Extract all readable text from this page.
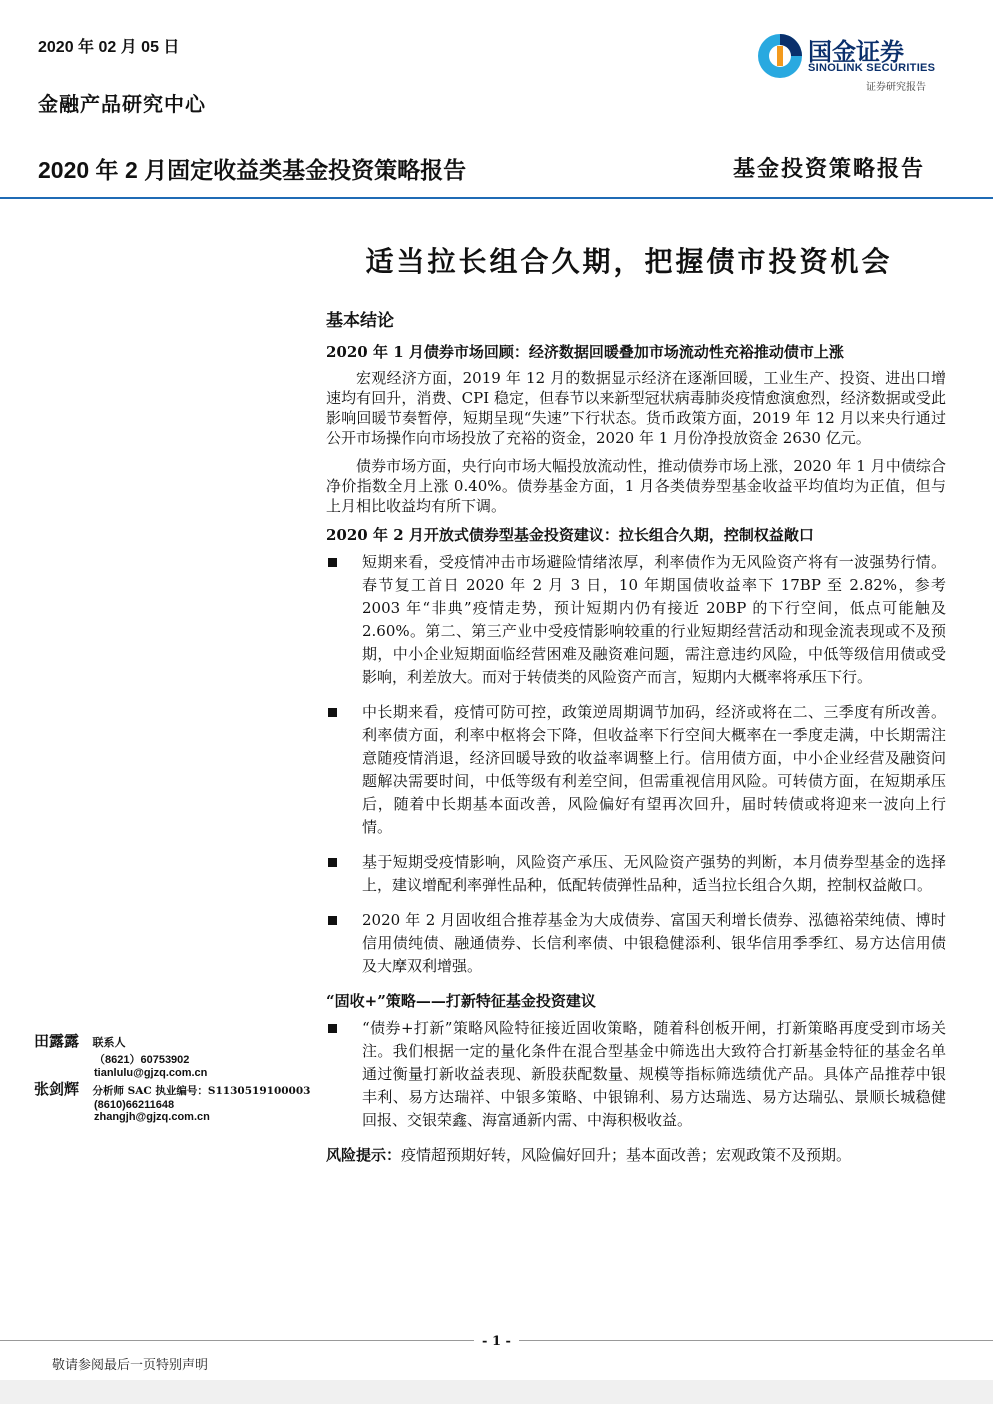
2020 年 02 月 05 日
金融产品研究中心
国金证券
SINOLINK SECURITIES
证券研究报告
2020 年 2 月固定收益类基金投资策略报告	基金投资策略报告
适当拉长组合久期，把握债市投资机会
基本结论
2020 年 1 月债券市场回顾：经济数据回暖叠加市场流动性充裕推动债市上涨

宏观经济方面，2019 年 12 月的数据显示经济在逐渐回暖，工业生产、投资、进出口增速均有回升，消费、CPI 稳定，但春节以来新型冠状病毒肺炎疫情愈演愈烈，经济数据或受此影响回暖节奏暂停，短期呈现“失速”下行状态。货币政策方面，2019 年 12 月以来央行通过公开市场操作向市场投放了充裕的资金，2020 年 1 月份净投放资金 2630 亿元。

债券市场方面，央行向市场大幅投放流动性，推动债券市场上涨，2020 年 1 月中债综合净价指数全月上涨 0.40%。债券基金方面，1 月各类债券型基金收益平均值均为正值，但与上月相比收益均有所下调。

2020 年 2 月开放式债券型基金投资建议：拉长组合久期，控制权益敞口
短期来看，受疫情冲击市场避险情绪浓厚，利率债作为无风险资产将有一波强势行情。春节复工首日 2020 年 2 月 3 日，10 年期国债收益率下 17BP 至 2.82%，参考 2003 年“非典”疫情走势，预计短期内仍有接近 20BP 的下行空间，低点可能触及 2.60%。第二、第三产业中受疫情影响较重的行业短期经营活动和现金流表现或不及预期，中小企业短期面临经营困难及融资难问题，需注意违约风险，中低等级信用债或受影响，利差放大。而对于转债类的风险资产而言，短期内大概率将承压下行。
中长期来看，疫情可防可控，政策逆周期调节加码，经济或将在二、三季度有所改善。利率债方面，利率中枢将会下降，但收益率下行空间大概率在一季度走满，中长期需注意随疫情消退，经济回暖导致的收益率调整上行。信用债方面，中小企业经营及融资问题解决需要时间，中低等级有利差空间，但需重视信用风险。可转债方面，在短期承压后，随着中长期基本面改善，风险偏好有望再次回升，届时转债或将迎来一波向上行情。
基于短期受疫情影响，风险资产承压、无风险资产强势的判断，本月债券型基金的选择上，建议增配利率弹性品种，低配转债弹性品种，适当拉长组合久期，控制权益敞口。
2020 年 2 月固收组合推荐基金为大成债券、富国天利增长债券、泓德裕荣纯债、博时信用债纯债、融通债券、长信利率债、中银稳健添利、银华信用季季红、易方达信用债及大摩双利增强。
“固收+”策略——打新特征基金投资建议
“债券+打新”策略风险特征接近固收策略，随着科创板开闸，打新策略再度受到市场关注。我们根据一定的量化条件在混合型基金中筛选出大致符合打新基金特征的基金名单通过衡量打新收益表现、新股获配数量、规模等指标筛选绩优产品。具体产品推荐中银丰利、易方达瑞祥、中银多策略、中银锦利、易方达瑞选、易方达瑞弘、景顺长城稳健回报、交银荣鑫、海富通新内需、中海积极收益。
风险提示：疫情超预期好转，风险偏好回升；基本面改善；宏观政策不及预期。
田露露 联系人
（8621）60753902
tianlulu@gjzq.com.cn
张剑辉 分析师 SAC 执业编号：S1130519100003
(8610)66211648
zhangjh@gjzq.com.cn
- 1 -
敬请参阅最后一页特别声明
